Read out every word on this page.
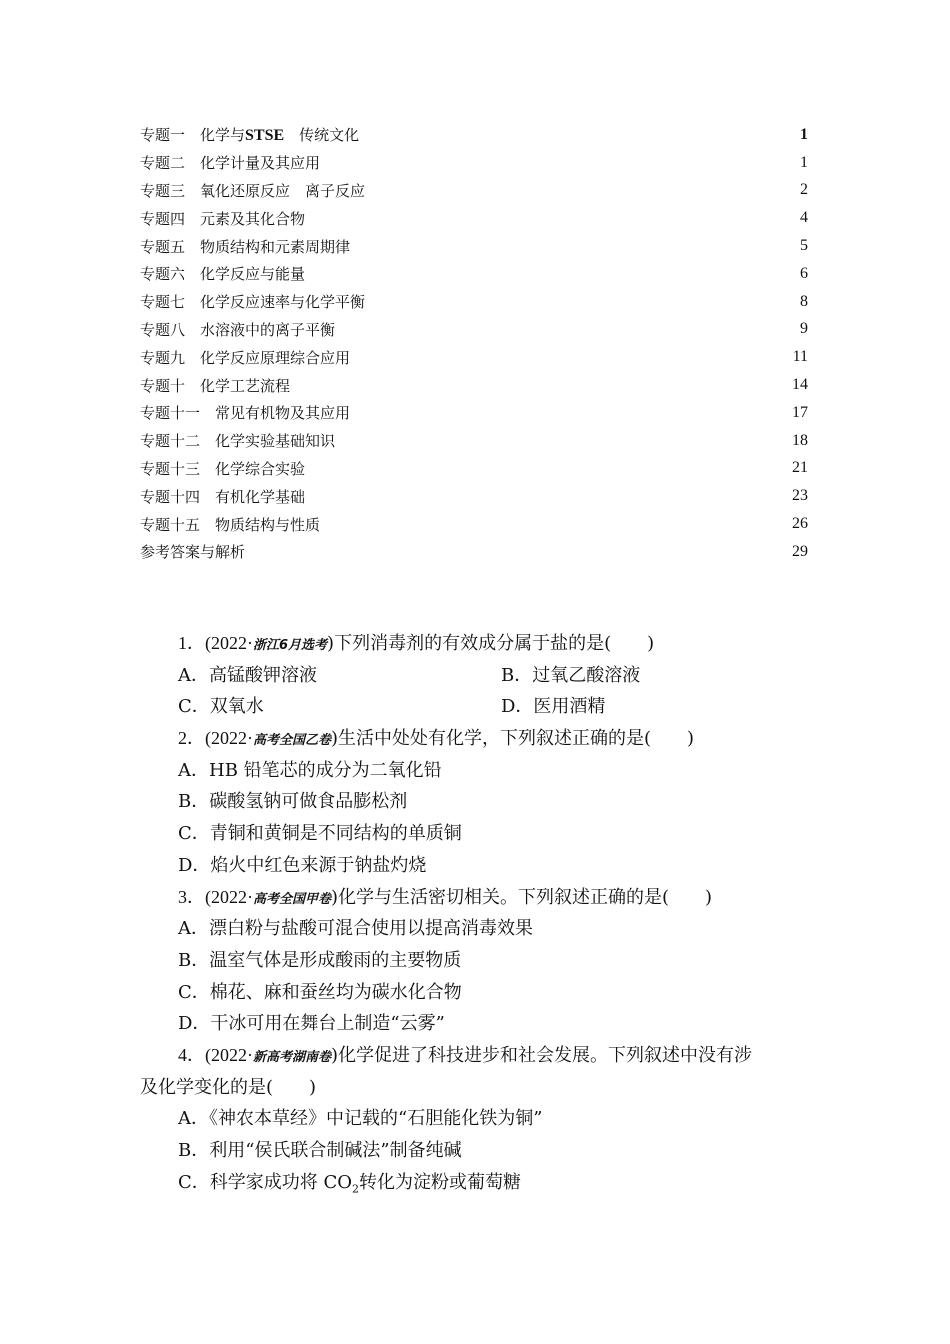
专题一　化学与STSE　传统文化	1
专题二　化学计量及其应用	1
专题三　氧化还原反应　离子反应	2
专题四　元素及其化合物	4
专题五　物质结构和元素周期律	5
专题六　化学反应与能量	6
专题七　化学反应速率与化学平衡	8
专题八　水溶液中的离子平衡	9
专题九　化学反应原理综合应用	11
专题十　化学工艺流程	14
专题十一　常见有机物及其应用	17
专题十二　化学实验基础知识	18
专题十三　化学综合实验	21
专题十四　有机化学基础	23
专题十五　物质结构与性质	26
参考答案与解析	29
1．(2022·浙江6月选考)下列消毒剂的有效成分属于盐的是(　　)
A．高锰酸钾溶液	B．过氧乙酸溶液
C．双氧水	D．医用酒精
2．(2022·高考全国乙卷)生活中处处有化学，下列叙述正确的是(　　)
A．HB 铅笔芯的成分为二氧化铅
B．碳酸氢钠可做食品膨松剂
C．青铜和黄铜是不同结构的单质铜
D．焰火中红色来源于钠盐灼烧
3．(2022·高考全国甲卷)化学与生活密切相关。下列叙述正确的是(　　)
A．漂白粉与盐酸可混合使用以提高消毒效果
B．温室气体是形成酸雨的主要物质
C．棉花、麻和蚕丝均为碳水化合物
D．干冰可用在舞台上制造“云雾”
4．(2022·新高考湖南卷)化学促进了科技进步和社会发展。下列叙述中没有涉
及化学变化的是(　　)
A．《神农本草经》中记载的“石胆能化铁为铜”
B．利用“侯氏联合制碱法”制备纯碱
C．科学家成功将 $CO_2$转化为淀粉或葡萄糖
